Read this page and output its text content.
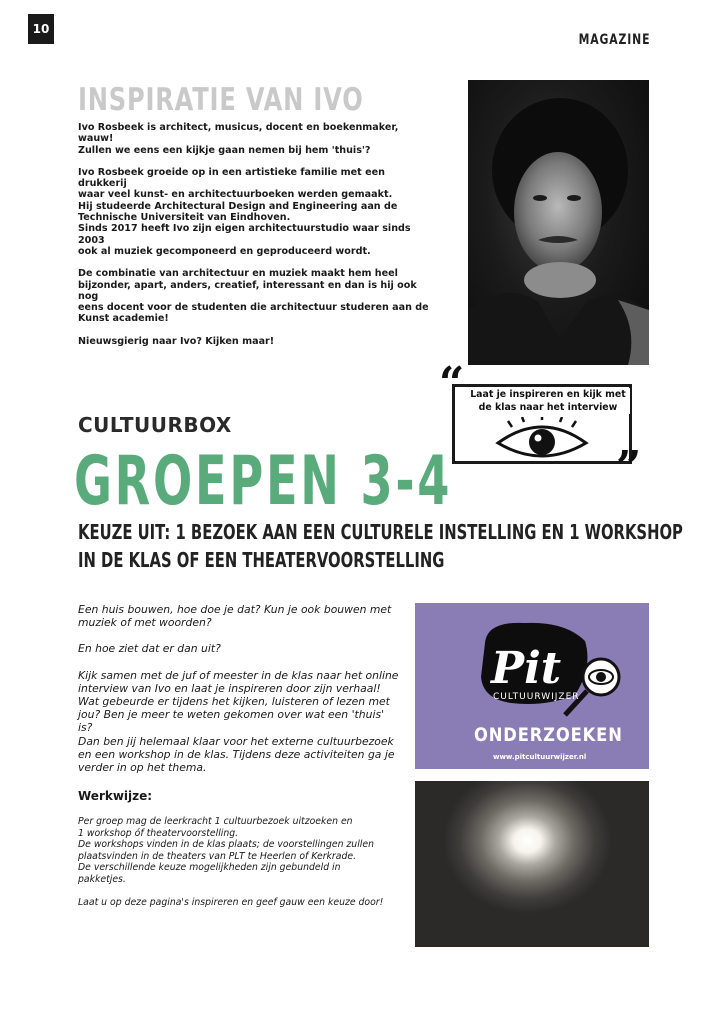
10
MAGAZINE
INSPIRATIE VAN IVO

Ivo Rosbeek is architect, musicus, docent en boekenmaker, wauw!
Zullen we eens een kijkje gaan nemen bij hem 'thuis'?

Ivo Rosbeek groeide op in een artistieke familie met een drukkerij
waar veel kunst- en architectuurboeken werden gemaakt.
Hij studeerde Architectural Design and Engineering aan de
Technische Universiteit van Eindhoven.
Sinds 2017 heeft Ivo zijn eigen architectuurstudio waar sinds 2003
ook al muziek gecomponeerd en geproduceerd wordt.

De combinatie van architectuur en muziek maakt hem heel
bijzonder, apart, anders, creatief, interessant en dan is hij ook nog
eens docent voor de studenten die architectuur studeren aan de
Kunst academie!

Nieuwsgierig naar Ivo? Kijken maar!

“
”
Laat je inspireren en kijk met
de klas naar het interview
CULTUURBOX
GROEPEN 3-4
KEUZE UIT: 1 BEZOEK AAN EEN CULTURELE INSTELLING EN 1 WORKSHOP
IN DE KLAS OF EEN THEATERVOORSTELLING

Een huis bouwen, hoe doe je dat? Kun je ook bouwen met
muziek of met woorden?

En hoe ziet dat er dan uit?

Kijk samen met de juf of meester in de klas naar het online
interview van Ivo en laat je inspireren door zijn verhaal!
Wat gebeurde er tijdens het kijken, luisteren of lezen met
jou? Ben je meer te weten gekomen over wat een 'thuis'
is?
Dan ben jij helemaal klaar voor het externe cultuurbezoek
en een workshop in de klas. Tijdens deze activiteiten ga je
verder in op het thema.

Werkwijze:

Per groep mag de leerkracht 1 cultuurbezoek uitzoeken en
1 workshop óf theatervoorstelling.
De workshops vinden in de klas plaats; de voorstellingen zullen
plaatsvinden in de theaters van PLT te Heerlen of Kerkrade.
De verschillende keuze mogelijkheden zijn gebundeld in
pakketjes.

Laat u op deze pagina's inspireren en geef gauw een keuze door!

Pit
CULTUURWIJZER
ONDERZOEKEN
www.pitcultuurwijzer.nl
